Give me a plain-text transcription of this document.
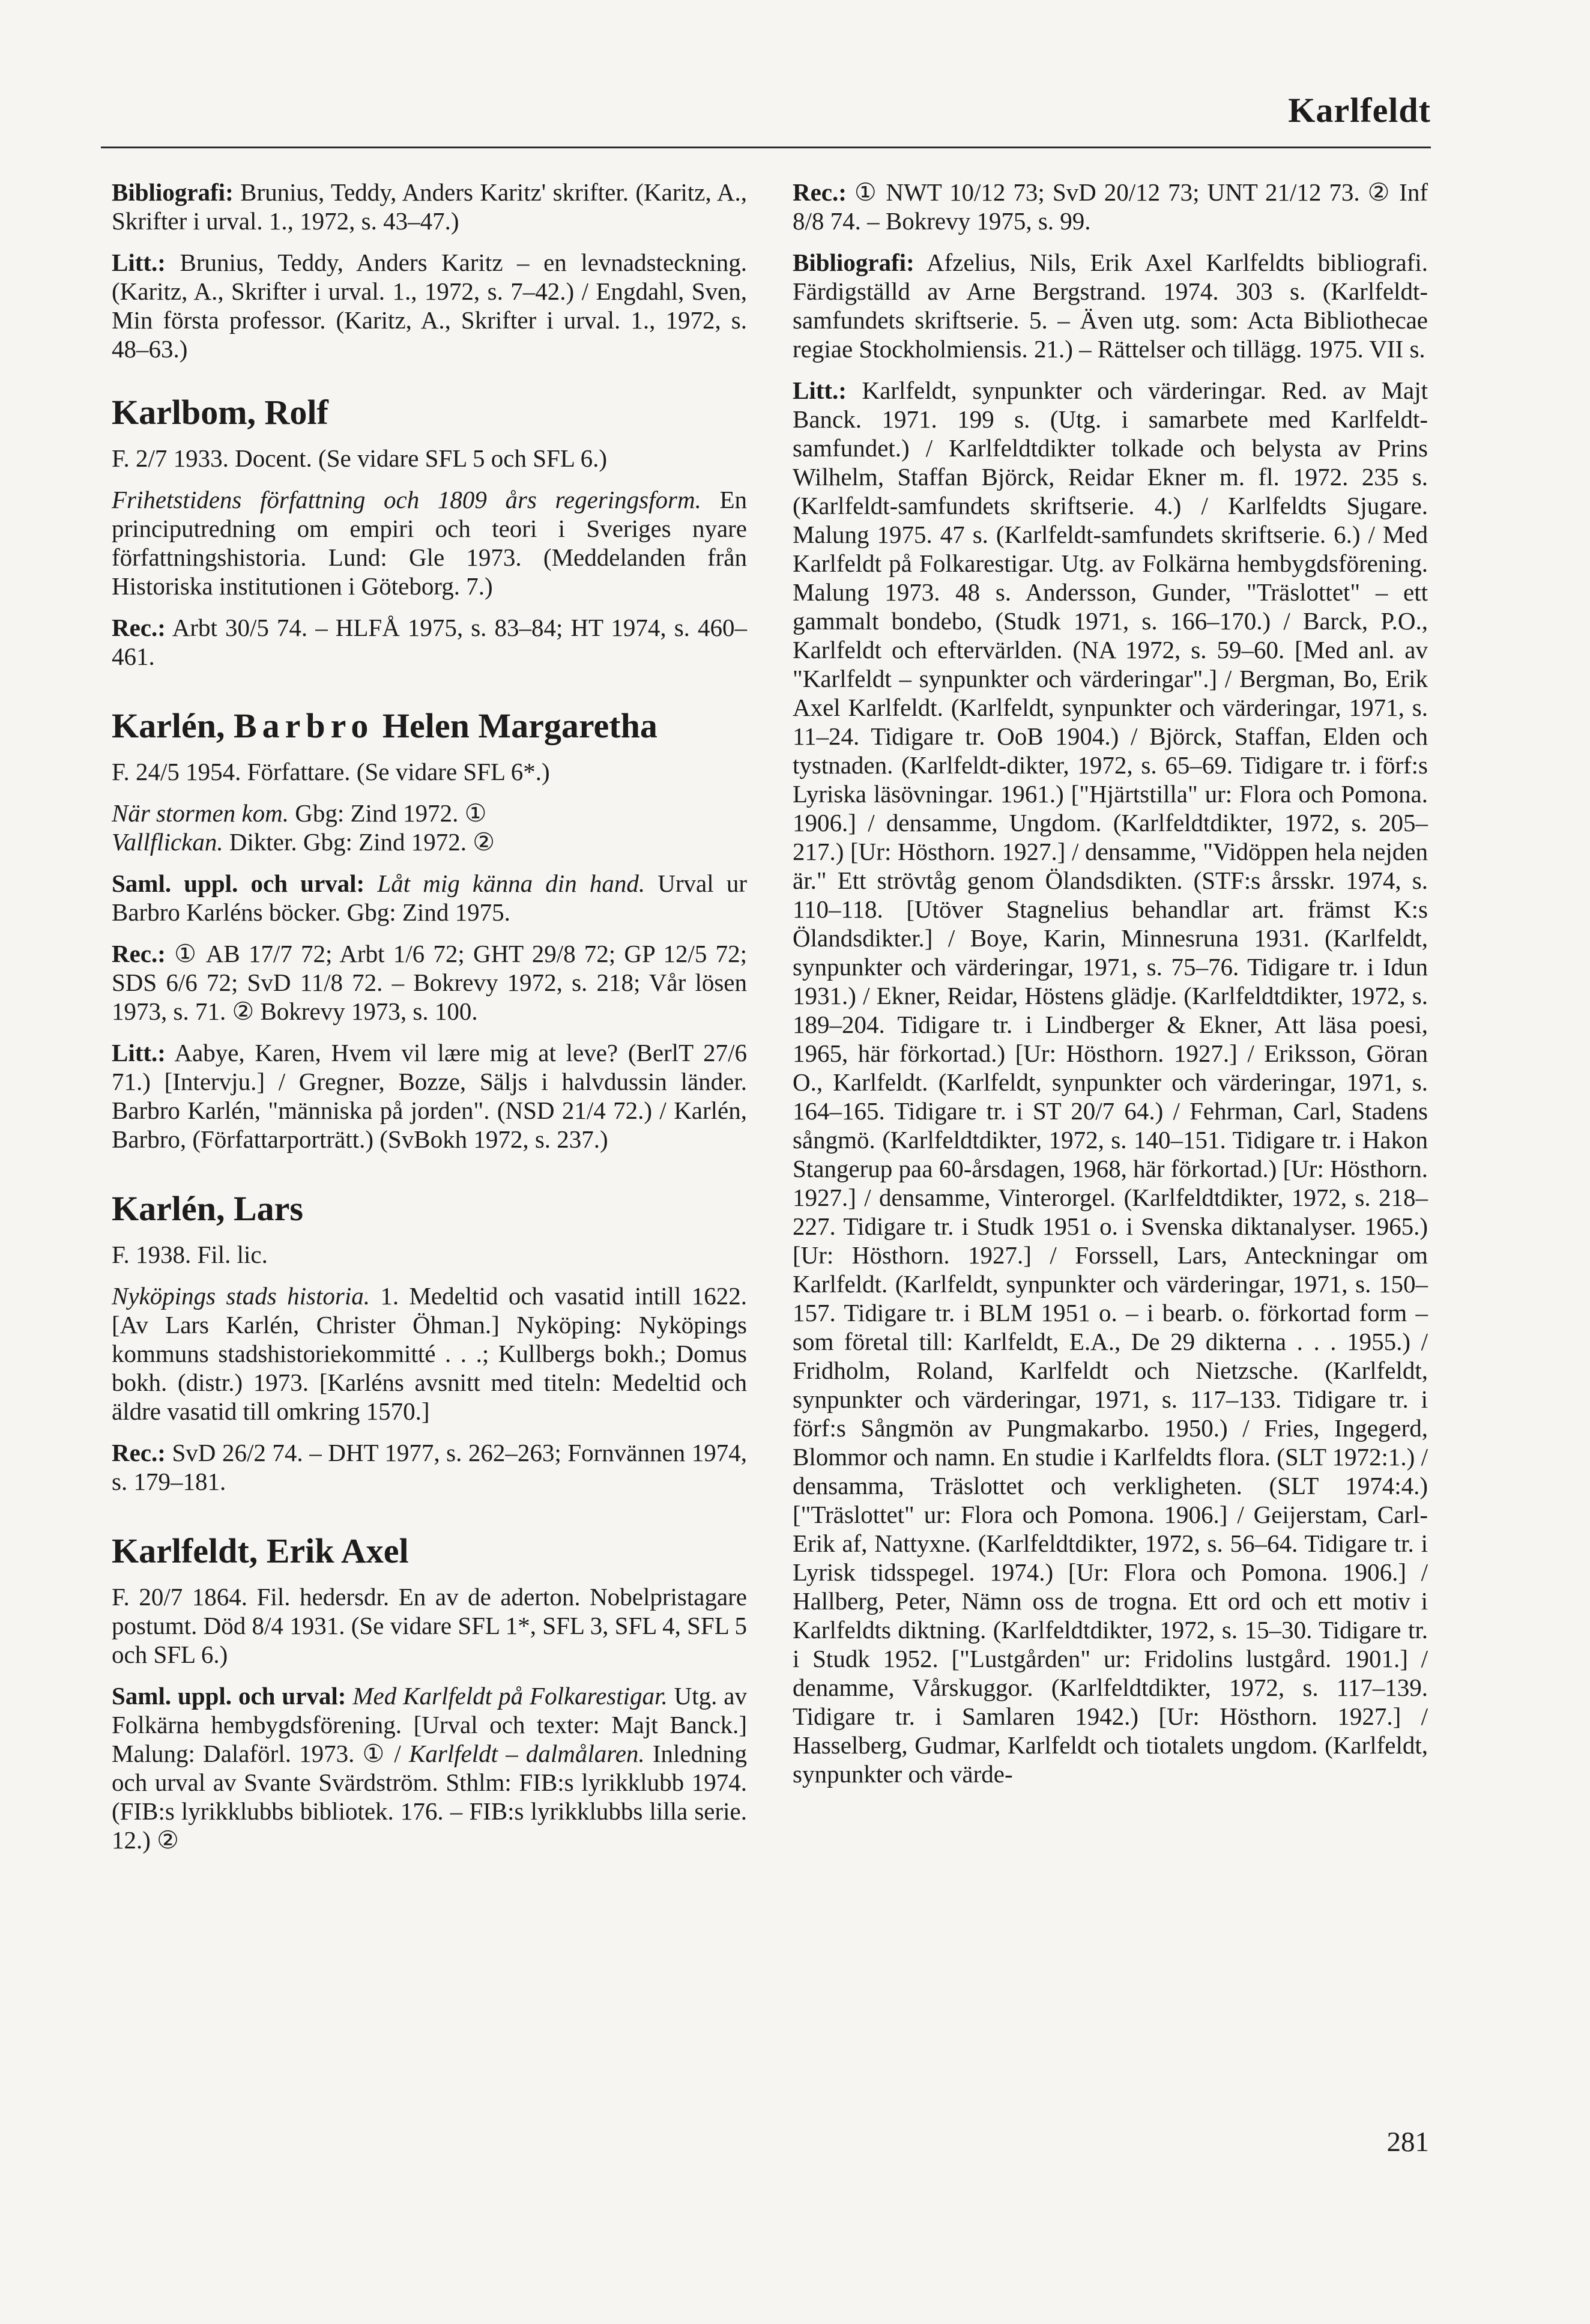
Karlfeldt

Bibliografi: Brunius, Teddy, Anders Karitz' skrifter. (Karitz, A., Skrifter i urval. 1., 1972, s. 43–47.)

Litt.: Brunius, Teddy, Anders Karitz – en levnadsteckning. (Karitz, A., Skrifter i urval. 1., 1972, s. 7–42.) / Engdahl, Sven, Min första professor. (Karitz, A., Skrifter i urval. 1., 1972, s. 48–63.)

Karlbom, Rolf

F. 2/7 1933. Docent. (Se vidare SFL 5 och SFL 6.)

Frihetstidens författning och 1809 års regeringsform. En principutredning om empiri och teori i Sveriges nyare författningshistoria. Lund: Gle 1973. (Meddelanden från Historiska institutionen i Göteborg. 7.)

Rec.: Arbt 30/5 74. – HLFÅ 1975, s. 83–84; HT 1974, s. 460–461.

Karlén, Barbro Helen Margaretha

F. 24/5 1954. Författare. (Se vidare SFL 6*.)

När stormen kom. Gbg: Zind 1972. ①
Vallflickan. Dikter. Gbg: Zind 1972. ②

Saml. uppl. och urval: Låt mig känna din hand. Urval ur Barbro Karléns böcker. Gbg: Zind 1975.

Rec.: ① AB 17/7 72; Arbt 1/6 72; GHT 29/8 72; GP 12/5 72; SDS 6/6 72; SvD 11/8 72. – Bokrevy 1972, s. 218; Vår lösen 1973, s. 71. ② Bokrevy 1973, s. 100.

Litt.: Aabye, Karen, Hvem vil lære mig at leve? (BerlT 27/6 71.) [Intervju.] / Gregner, Bozze, Säljs i halvdussin länder. Barbro Karlén, "människa på jorden". (NSD 21/4 72.) / Karlén, Barbro, (Författarporträtt.) (SvBokh 1972, s. 237.)

Karlén, Lars

F. 1938. Fil. lic.

Nyköpings stads historia. 1. Medeltid och vasatid intill 1622. [Av Lars Karlén, Christer Öhman.] Nyköping: Nyköpings kommuns stadshistoriekommitté . . .; Kullbergs bokh.; Domus bokh. (distr.) 1973. [Karléns avsnitt med titeln: Medeltid och äldre vasatid till omkring 1570.]

Rec.: SvD 26/2 74. – DHT 1977, s. 262–263; Fornvännen 1974, s. 179–181.

Karlfeldt, Erik Axel

F. 20/7 1864. Fil. hedersdr. En av de aderton. Nobelpristagare postumt. Död 8/4 1931. (Se vidare SFL 1*, SFL 3, SFL 4, SFL 5 och SFL 6.)

Saml. uppl. och urval: Med Karlfeldt på Folkarestigar. Utg. av Folkärna hembygdsförening. [Urval och texter: Majt Banck.] Malung: Dalaförl. 1973. ① / Karlfeldt – dalmålaren. Inledning och urval av Svante Svärdström. Sthlm: FIB:s lyrikklubb 1974. (FIB:s lyrikklubbs bibliotek. 176. – FIB:s lyrikklubbs lilla serie. 12.) ②

Rec.: ① NWT 10/12 73; SvD 20/12 73; UNT 21/12 73. ② Inf 8/8 74. – Bokrevy 1975, s. 99.

Bibliografi: Afzelius, Nils, Erik Axel Karlfeldts bibliografi. Färdigställd av Arne Bergstrand. 1974. 303 s. (Karlfeldt-samfundets skriftserie. 5. – Även utg. som: Acta Bibliothecae regiae Stockholmiensis. 21.) – Rättelser och tillägg. 1975. VII s.

Litt.: Karlfeldt, synpunkter och värderingar. Red. av Majt Banck. 1971. 199 s. (Utg. i samarbete med Karlfeldt-samfundet.) / Karlfeldtdikter tolkade och belysta av Prins Wilhelm, Staffan Björck, Reidar Ekner m. fl. 1972. 235 s. (Karlfeldt-samfundets skriftserie. 4.) / Karlfeldts Sjugare. Malung 1975. 47 s. (Karlfeldt-samfundets skriftserie. 6.) / Med Karlfeldt på Folkarestigar. Utg. av Folkärna hembygdsförening. Malung 1973. 48 s. Andersson, Gunder, "Träslottet" – ett gammalt bondebo, (Studk 1971, s. 166–170.) / Barck, P.O., Karlfeldt och eftervärlden. (NA 1972, s. 59–60. [Med anl. av "Karlfeldt – synpunkter och värderingar".] / Bergman, Bo, Erik Axel Karlfeldt. (Karlfeldt, synpunkter och värderingar, 1971, s. 11–24. Tidigare tr. OoB 1904.) / Björck, Staffan, Elden och tystnaden. (Karlfeldt-dikter, 1972, s. 65–69. Tidigare tr. i förf:s Lyriska läsövningar. 1961.) ["Hjärtstilla" ur: Flora och Pomona. 1906.] / densamme, Ungdom. (Karlfeldtdikter, 1972, s. 205–217.) [Ur: Hösthorn. 1927.] / densamme, "Vidöppen hela nejden är." Ett strövtåg genom Ölandsdikten. (STF:s årsskr. 1974, s. 110–118. [Utöver Stagnelius behandlar art. främst K:s Ölandsdikter.] / Boye, Karin, Minnesruna 1931. (Karlfeldt, synpunkter och värderingar, 1971, s. 75–76. Tidigare tr. i Idun 1931.) / Ekner, Reidar, Höstens glädje. (Karlfeldtdikter, 1972, s. 189–204. Tidigare tr. i Lindberger & Ekner, Att läsa poesi, 1965, här förkortad.) [Ur: Hösthorn. 1927.] / Eriksson, Göran O., Karlfeldt. (Karlfeldt, synpunkter och värderingar, 1971, s. 164–165. Tidigare tr. i ST 20/7 64.) / Fehrman, Carl, Stadens sångmö. (Karlfeldtdikter, 1972, s. 140–151. Tidigare tr. i Hakon Stangerup paa 60-årsdagen, 1968, här förkortad.) [Ur: Hösthorn. 1927.] / densamme, Vinterorgel. (Karlfeldtdikter, 1972, s. 218–227. Tidigare tr. i Studk 1951 o. i Svenska diktanalyser. 1965.) [Ur: Hösthorn. 1927.] / Forssell, Lars, Anteckningar om Karlfeldt. (Karlfeldt, synpunkter och värderingar, 1971, s. 150–157. Tidigare tr. i BLM 1951 o. – i bearb. o. förkortad form – som företal till: Karlfeldt, E.A., De 29 dikterna . . . 1955.) / Fridholm, Roland, Karlfeldt och Nietzsche. (Karlfeldt, synpunkter och värderingar, 1971, s. 117–133. Tidigare tr. i förf:s Sångmön av Pungmakarbo. 1950.) / Fries, Ingegerd, Blommor och namn. En studie i Karlfeldts flora. (SLT 1972:1.) / densamma, Träslottet och verkligheten. (SLT 1974:4.) ["Träslottet" ur: Flora och Pomona. 1906.] / Geijerstam, Carl-Erik af, Nattyxne. (Karlfeldtdikter, 1972, s. 56–64. Tidigare tr. i Lyrisk tidsspegel. 1974.) [Ur: Flora och Pomona. 1906.] / Hallberg, Peter, Nämn oss de trogna. Ett ord och ett motiv i Karlfeldts diktning. (Karlfeldtdikter, 1972, s. 15–30. Tidigare tr. i Studk 1952. ["Lustgården" ur: Fridolins lustgård. 1901.] / denamme, Vårskuggor. (Karlfeldtdikter, 1972, s. 117–139. Tidigare tr. i Samlaren 1942.) [Ur: Hösthorn. 1927.] / Hasselberg, Gudmar, Karlfeldt och tiotalets ungdom. (Karlfeldt, synpunkter och värde-

281
